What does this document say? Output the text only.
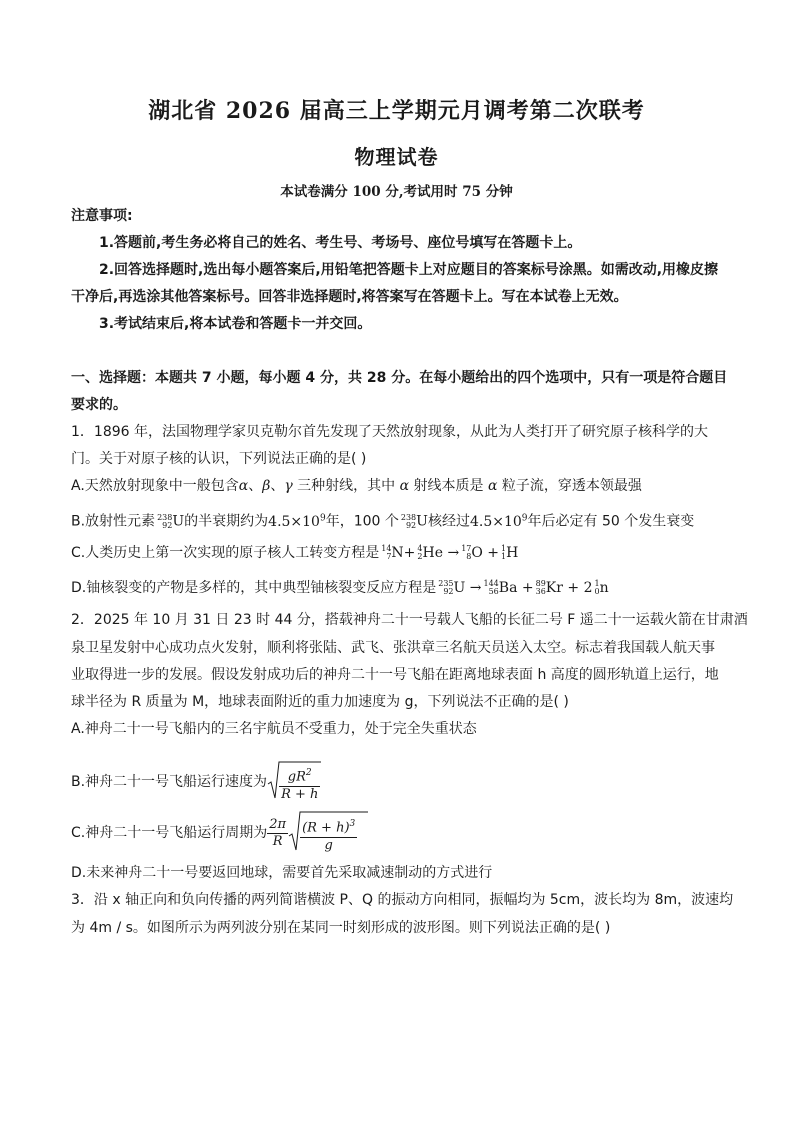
湖北省 2026 届高三上学期元月调考第二次联考
物理试卷
本试卷满分 100 分,考试用时 75 分钟
注意事项:
1.答题前,考生务必将自己的姓名、考生号、考场号、座位号填写在答题卡上。
2.回答选择题时,选出每小题答案后,用铅笔把答题卡上对应题目的答案标号涂黑。如需改动,用橡皮擦
干净后,再选涂其他答案标号。回答非选择题时,将答案写在答题卡上。写在本试卷上无效。
3.考试结束后,将本试卷和答题卡一并交回。
一、选择题：本题共 7 小题，每小题 4 分，共 28 分。在每小题给出的四个选项中，只有一项是符合题目
要求的。
1．1896 年，法国物理学家贝克勒尔首先发现了天然放射现象，从此为人类打开了研究原子核科学的大
门。关于对原子核的认识，下列说法正确的是( )
A.天然放射现象中一般包含α、β、γ 三种射线，其中 α 射线本质是 α 粒子流，穿透本领最强
B.放射性元素 238
92 U的半衰期约为$4.5\times 10^9$年，100 个 238
92 U核经过$4.5\times 10^9$年后必定有 50 个发生衰变
C.人类历史上第一次实现的原子核人工转变方程是 14
7 N+ 4
2 He → 17
8 O + 1
1 H
D.铀核裂变的产物是多样的，其中典型铀核裂变反应方程是 235
92 U → 144
56 Ba + 89
36 Kr + 2 1
0 n
2．2025 年 10 月 31 日 23 时 44 分，搭载神舟二十一号载人飞船的长征二号 F 遥二十一运载火箭在甘肃酒
泉卫星发射中心成功点火发射，顺利将张陆、武飞、张洪章三名航天员送入太空。标志着我国载人航天事
业取得进一步的发展。假设发射成功后的神舟二十一号飞船在距离地球表面 h 高度的圆形轨道上运行，地
球半径为 R 质量为 M，地球表面附近的重力加速度为 g，下列说法不正确的是( )
A.神舟二十一号飞船内的三名宇航员不受重力，处于完全失重状态
B.神舟二十一号飞船运行速度为 $\frac{gR^2}{R + h}$
C.神舟二十一号飞船运行周期为 $\frac{2\pi}{R} \frac{(R + h)^3}{g}$
D.未来神舟二十一号要返回地球，需要首先采取减速制动的方式进行
3．沿 x 轴正向和负向传播的两列简谐横波 P、Q 的振动方向相同，振幅均为 5cm，波长均为 8m，波速均
为 4m / s。如图所示为两列波分别在某同一时刻形成的波形图。则下列说法正确的是( )
